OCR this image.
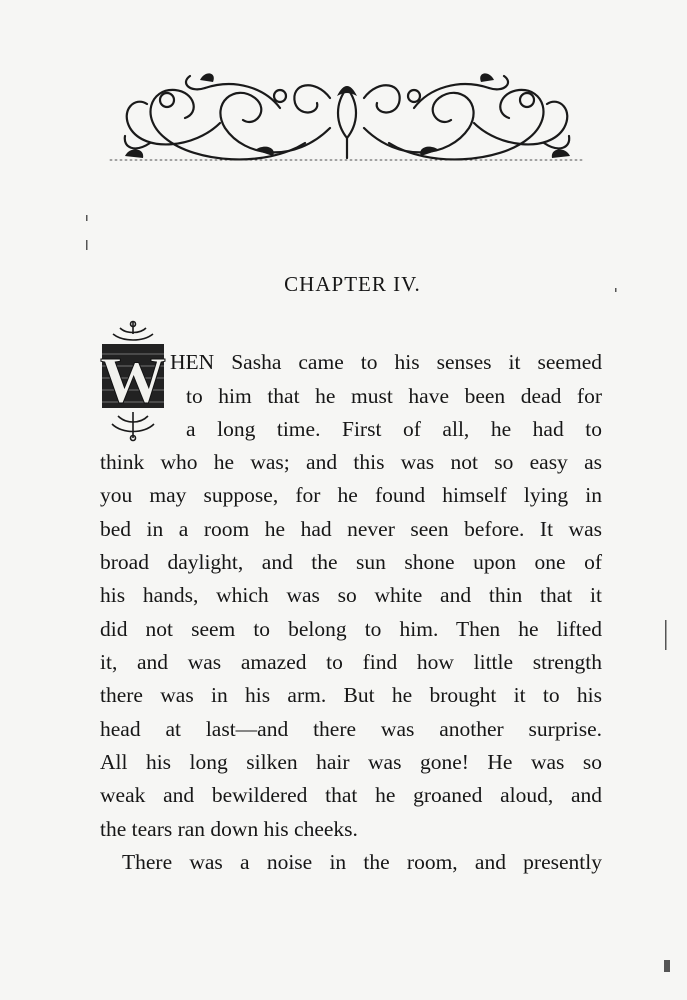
CHAPTER IV.
W HEN Sasha came to his senses it seemed
to him that he must have been dead for
a long time. First of all, he had to
think who he was; and this was not so easy as
you may suppose, for he found himself lying in
bed in a room he had never seen before. It was
broad daylight, and the sun shone upon one of
his hands, which was so white and thin that it
did not seem to belong to him. Then he lifted
it, and was amazed to find how little strength
there was in his arm. But he brought it to his
head at last—and there was another surprise.
All his long silken hair was gone! He was so
weak and bewildered that he groaned aloud, and
the tears ran down his cheeks.
There was a noise in the room, and presently
